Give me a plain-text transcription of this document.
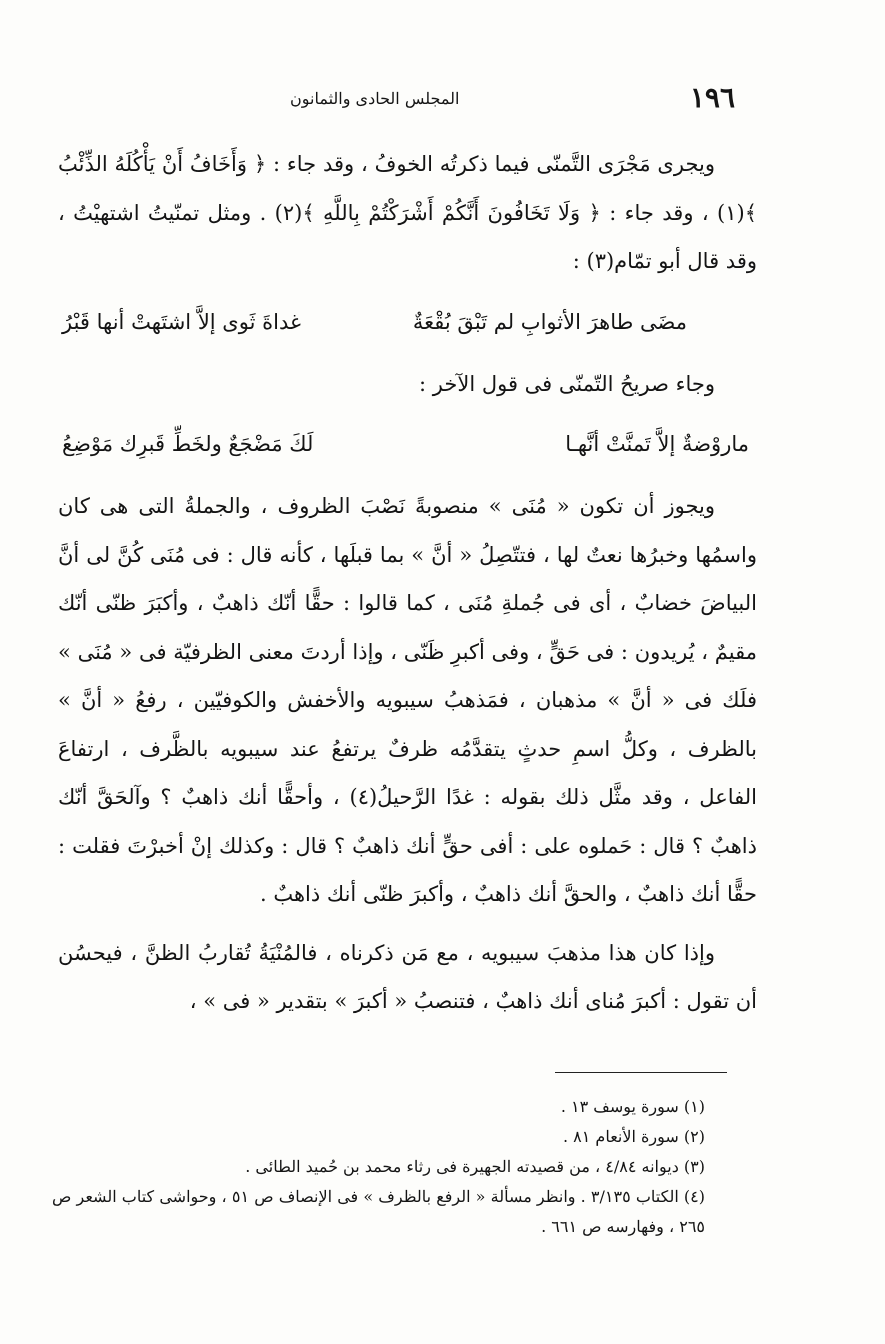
١٩٦
المجلس الحادى والثمانون

ويجرى مَجْرَى التَّمنّى فيما ذكرتُه الخوفُ ، وقد جاء : ﴿ وَأَخَافُ أَنْ يَأْكُلَهُ الذِّئْبُ ﴾(١) ، وقد جاء : ﴿ وَلَا تَخَافُونَ أَنَّكُمْ أَشْرَكْتُمْ بِاللَّهِ ﴾(٢) . ومثل تمنّيتُ اشتهيْتُ ، وقد قال أبو تمّام(٣) :

مضَى طاهرَ الأثوابِ لم تَبْقَ بُقْعَةٌ
غداةَ ثَوى إلاَّ اشتَهتْ أنها قَبْرُ

وجاء صريحُ التّمنّى فى قول الآخر :

ماروْضةٌ إلاَّ تَمنَّتْ أنَّهـا
لَكَ مَضْجَعٌ ولخَطِّ قَبرِك مَوْضِعُ

ويجوز أن تكون « مُنَى » منصوبةً نَصْبَ الظروف ، والجملةُ التى هى كان واسمُها وخبرُها نعتٌ لها ، فتتّصِلُ « أنَّ » بما قبلَها ، كأنه قال : فى مُنَى كُنَّ لى أنَّ البياضَ خضابٌ ، أى فى جُملةِ مُنَى ، كما قالوا : حقًّا أنّك ذاهبٌ ، وأكبَرَ ظنّى أنّك مقيمٌ ، يُريدون : فى حَقٍّ ، وفى أكبرِ ظَنّى ، وإذا أردتَ معنى الظرفيّة فى « مُنَى » فلَك فى « أنَّ » مذهبان ، فمَذهبُ سيبويه والأخفش والكوفيّين ، رفعُ « أنَّ » بالظرف ، وكلُّ اسمِ حدثٍ يتقدَّمُه ظرفٌ يرتفعُ عند سيبويه بالظَّرف ، ارتفاعَ الفاعل ، وقد مثَّل ذلك بقوله : غدًا الرَّحيلُ(٤) ، وأحقًّا أنك ذاهبٌ ؟ وآلحَقَّ أنّك ذاهبٌ ؟ قال : حَملوه على : أفى حقٍّ أنك ذاهبٌ ؟ قال : وكذلك إنْ أخبرْتَ فقلت : حقًّا أنك ذاهبٌ ، والحقَّ أنك ذاهبٌ ، وأكبرَ ظنّى أنك ذاهبٌ .

وإذا كان هذا مذهبَ سيبويه ، مع مَن ذكرناه ، فالمُنْيَةُ تُقاربُ الظنَّ ، فيحسُن أن تقول : أكبرَ مُناى أنك ذاهبٌ ، فتنصبُ « أكبرَ » بتقدير « فى » ،

(١) سورة يوسف ١٣ .

(٢) سورة الأنعام ٨١ .

(٣) ديوانه ٤/٨٤ ، من قصيدته الجهيرة فى رثاء محمد بن حُميد الطائى .

(٤) الكتاب ٣/١٣٥ . وانظر مسألة « الرفع بالظرف » فى الإنصاف ص ٥١ ، وحواشى كتاب الشعر ص ٢٦٥ ، وفهارسه ص ٦٦١ .
